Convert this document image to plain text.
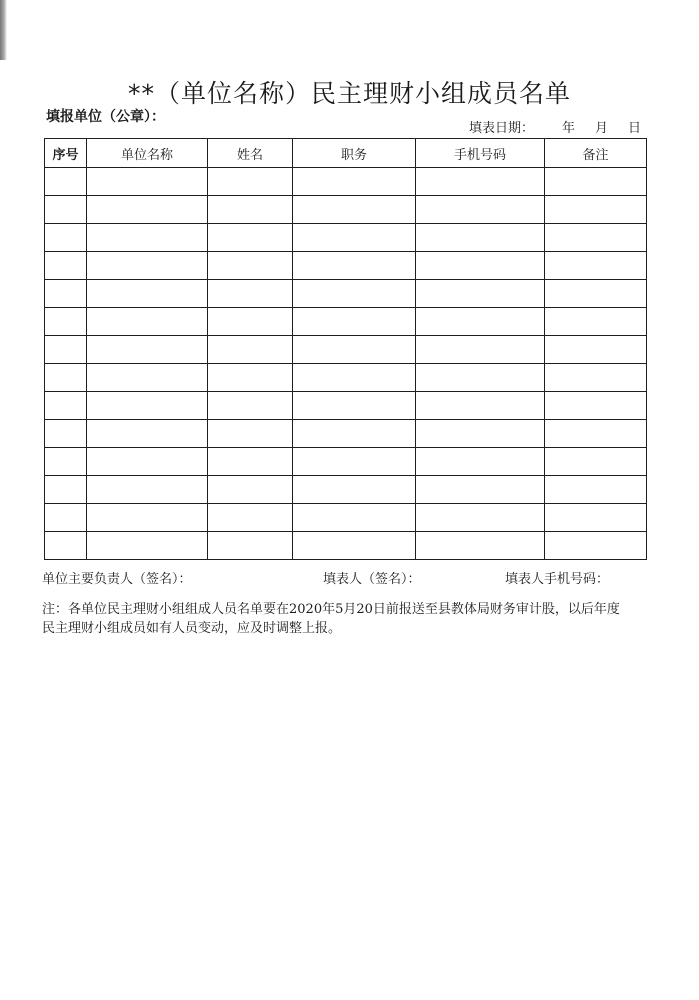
**（单位名称）民主理财小组成员名单
填报单位（公章）：
填表日期： 年 月 日
序号	单位名称	姓名	职务	手机号码	备注

单位主要负责人（签名）：	填表人（签名）：	填表人手机号码：
注：各单位民主理财小组组成人员名单要在2020年5月20日前报送至县教体局财务审计股，以后年度民主理财小组成员如有人员变动，应及时调整上报。
